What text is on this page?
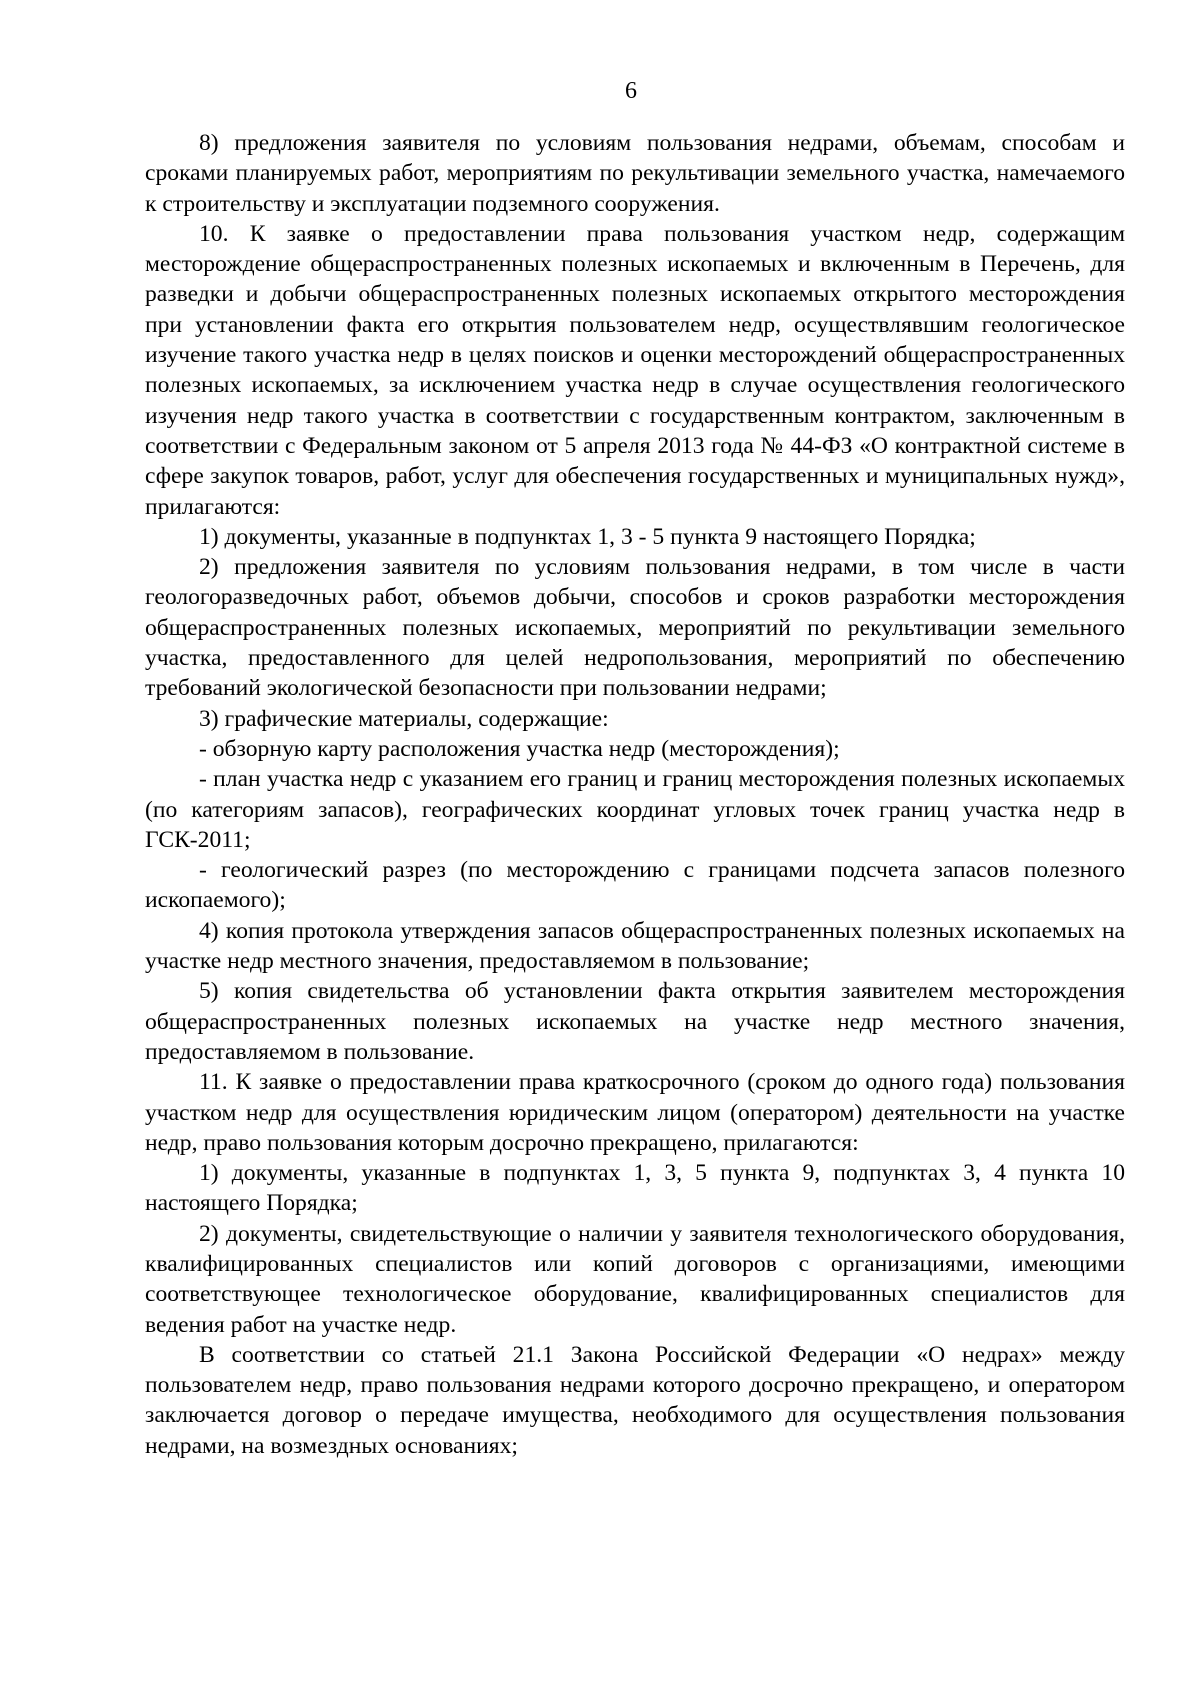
6

8) предложения заявителя по условиям пользования недрами, объемам, способам и сроками планируемых работ, мероприятиям по рекультивации земельного участка, намечаемого к строительству и эксплуатации подземного сооружения.

10. К заявке о предоставлении права пользования участком недр, содержащим месторождение общераспространенных полезных ископаемых и включенным в Перечень, для разведки и добычи общераспространенных полезных ископаемых открытого месторождения при установлении факта его открытия пользователем недр, осуществлявшим геологическое изучение такого участка недр в целях поисков и оценки месторождений общераспространенных полезных ископаемых, за исключением участка недр в случае осуществления геологического изучения недр такого участка в соответствии с государственным контрактом, заключенным в соответствии с Федеральным законом от 5 апреля 2013 года № 44-ФЗ «О контрактной системе в сфере закупок товаров, работ, услуг для обеспечения государственных и муниципальных нужд», прилагаются:

1) документы, указанные в подпунктах 1, 3 - 5 пункта 9 настоящего Порядка;

2) предложения заявителя по условиям пользования недрами, в том числе в части геологоразведочных работ, объемов добычи, способов и сроков разработки месторождения общераспространенных полезных ископаемых, мероприятий по рекультивации земельного участка, предоставленного для целей недропользования, мероприятий по обеспечению требований экологической безопасности при пользовании недрами;

3) графические материалы, содержащие:

- обзорную карту расположения участка недр (месторождения);

- план участка недр с указанием его границ и границ месторождения полезных ископаемых (по категориям запасов), географических координат угловых точек границ участка недр в ГСК-2011;

- геологический разрез (по месторождению с границами подсчета запасов полезного ископаемого);

4) копия протокола утверждения запасов общераспространенных полезных ископаемых на участке недр местного значения, предоставляемом в пользование;

5) копия свидетельства об установлении факта открытия заявителем месторождения общераспространенных полезных ископаемых на участке недр местного значения, предоставляемом в пользование.

11. К заявке о предоставлении права краткосрочного (сроком до одного года) пользования участком недр для осуществления юридическим лицом (оператором) деятельности на участке недр, право пользования которым досрочно прекращено, прилагаются:

1) документы, указанные в подпунктах 1, 3, 5 пункта 9, подпунктах 3, 4 пункта 10 настоящего Порядка;

2) документы, свидетельствующие о наличии у заявителя технологического оборудования, квалифицированных специалистов или копий договоров с организациями, имеющими соответствующее технологическое оборудование, квалифицированных специалистов для ведения работ на участке недр.

В соответствии со статьей 21.1 Закона Российской Федерации «О недрах» между пользователем недр, право пользования недрами которого досрочно прекращено, и оператором заключается договор о передаче имущества, необходимого для осуществления пользования недрами, на возмездных основаниях;
